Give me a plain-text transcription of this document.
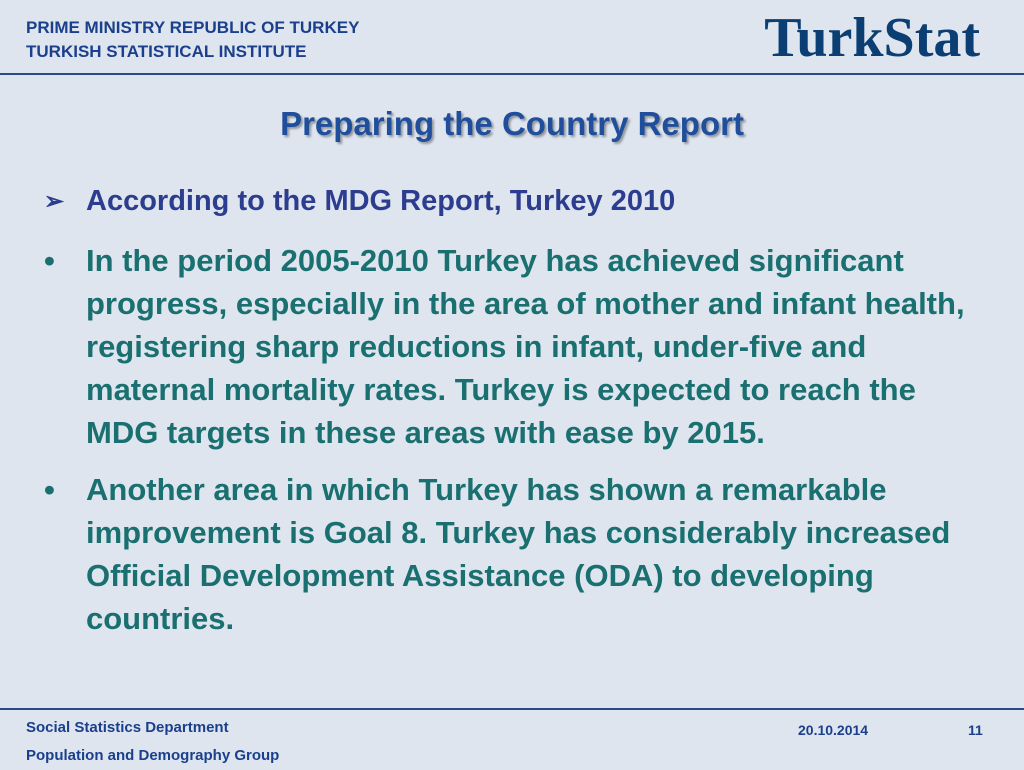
PRIME MINISTRY REPUBLIC OF TURKEY
TURKISH STATISTICAL INSTITUTE	TurkStat
Preparing the Country Report
➢ According to the MDG Report, Turkey 2010
•	In the period 2005-2010 Turkey has achieved significant progress, especially in the area of mother and infant health, registering sharp reductions in infant, under-five and maternal mortality rates. Turkey is expected to reach the MDG targets in these areas with ease by 2015.
•	Another area in which Turkey has shown a remarkable improvement is Goal 8. Turkey has considerably increased Official Development Assistance (ODA) to developing countries.
Social Statistics Department
Population and Demography Group
20.10.2014	11
